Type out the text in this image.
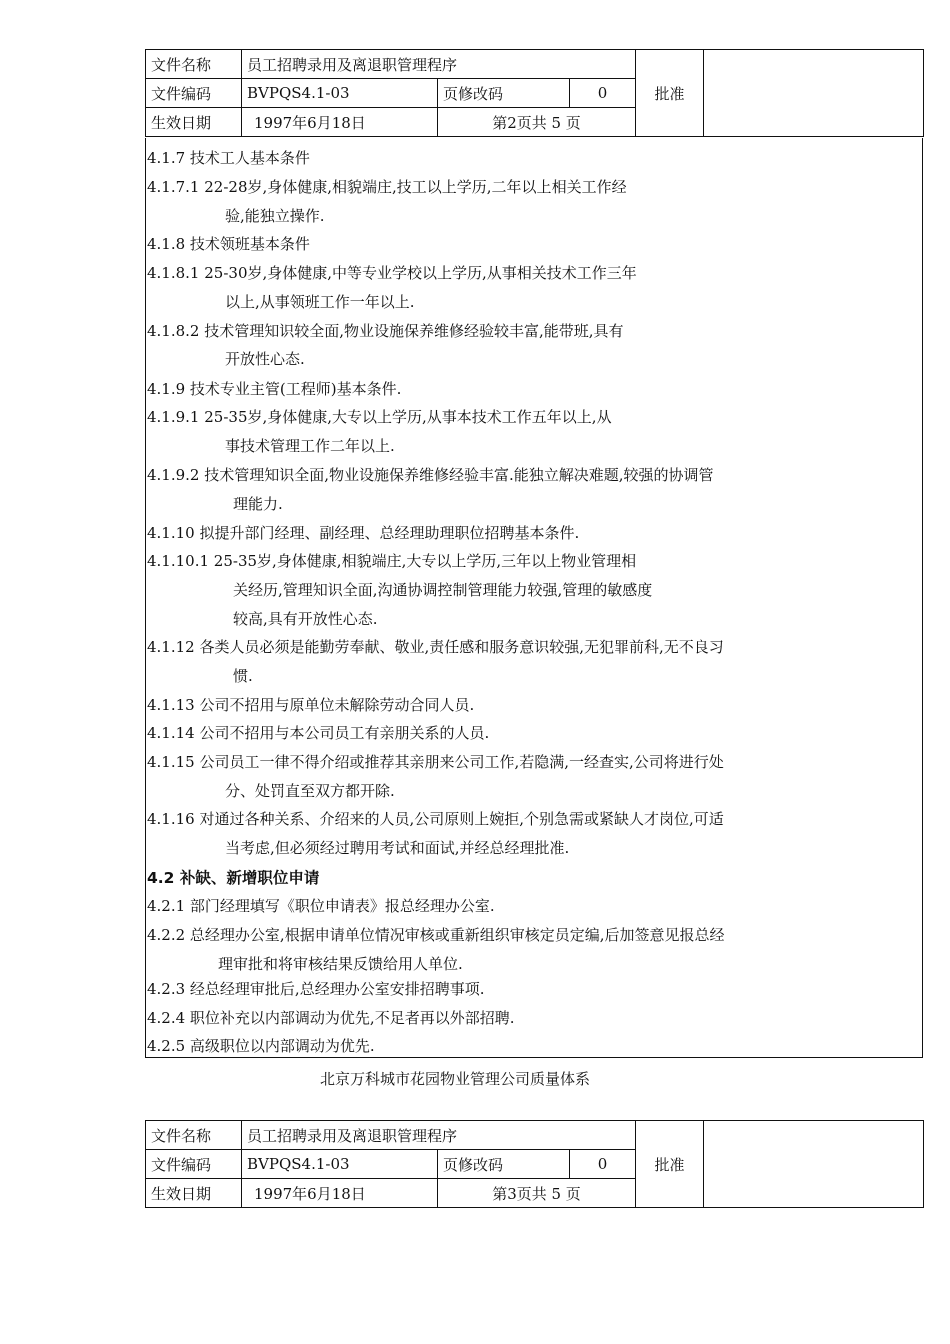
文件名称	员工招聘录用及离退职管理程序			批准	
文件编码	BVPQS4.1-03	页修改码	0		
生效日期	1997年6月18日	第2页共 5 页			
4.1.7 技术工人基本条件
4.1.7.1 22-28岁,身体健康,相貌端庄,技工以上学历,二年以上相关工作经
验,能独立操作.
4.1.8 技术领班基本条件
4.1.8.1 25-30岁,身体健康,中等专业学校以上学历,从事相关技术工作三年
以上,从事领班工作一年以上.
4.1.8.2 技术管理知识较全面,物业设施保养维修经验较丰富,能带班,具有
开放性心态.
4.1.9 技术专业主管(工程师)基本条件.
4.1.9.1 25-35岁,身体健康,大专以上学历,从事本技术工作五年以上,从
事技术管理工作二年以上.
4.1.9.2 技术管理知识全面,物业设施保养维修经验丰富.能独立解决难题,较强的协调管
理能力.
4.1.10 拟提升部门经理、副经理、总经理助理职位招聘基本条件.
4.1.10.1 25-35岁,身体健康,相貌端庄,大专以上学历,三年以上物业管理相
关经历,管理知识全面,沟通协调控制管理能力较强,管理的敏感度
较高,具有开放性心态.
4.1.12 各类人员必须是能勤劳奉献、敬业,责任感和服务意识较强,无犯罪前科,无不良习
惯.
4.1.13 公司不招用与原单位未解除劳动合同人员.
4.1.14 公司不招用与本公司员工有亲朋关系的人员.
4.1.15 公司员工一律不得介绍或推荐其亲朋来公司工作,若隐满,一经查实,公司将进行处
分、处罚直至双方都开除.
4.1.16 对通过各种关系、介绍来的人员,公司原则上婉拒,个别急需或紧缺人才岗位,可适
当考虑,但必须经过聘用考试和面试,并经总经理批准.
4.2 补缺、新增职位申请
4.2.1 部门经理填写《职位申请表》报总经理办公室.
4.2.2 总经理办公室,根据申请单位情况审核或重新组织审核定员定编,后加签意见报总经
理审批和将审核结果反馈给用人单位.
4.2.3 经总经理审批后,总经理办公室安排招聘事项.
4.2.4 职位补充以内部调动为优先,不足者再以外部招聘.
4.2.5 高级职位以内部调动为优先.
北京万科城市花园物业管理公司质量体系
文件名称	员工招聘录用及离退职管理程序			批准	
文件编码	BVPQS4.1-03	页修改码	0		
生效日期	1997年6月18日	第3页共 5 页			
